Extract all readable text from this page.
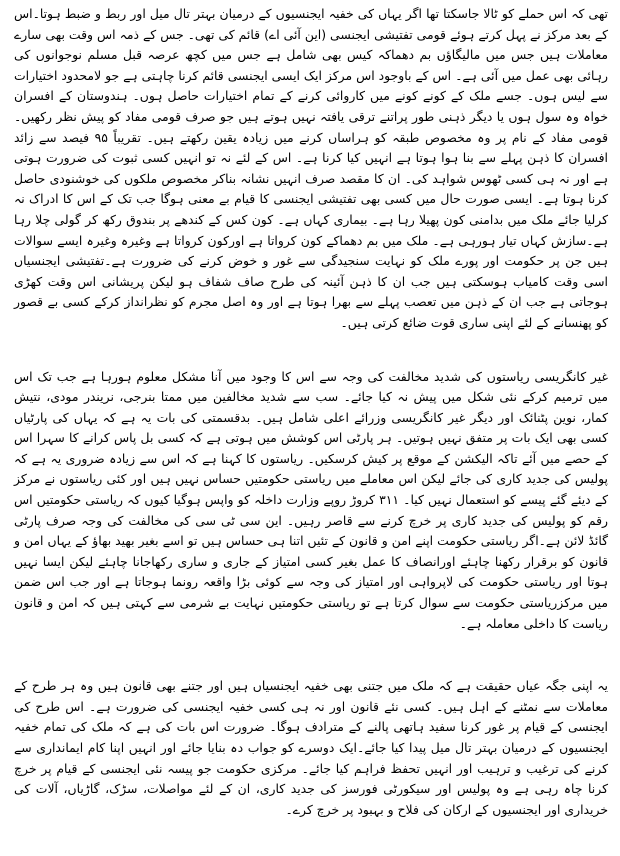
تھی کہ اس حملے کو ٹالا جاسکتا تھا اگر یہاں کی خفیہ ایجنسیوں کے درمیان بہتر تال میل اور ربط و ضبط ہوتا۔اس کے بعد مرکز نے پہل کرتے ہوئے قومی تفتیشی ایجنسی (این آئی اے) قائم کی تھی۔ جس کے ذمہ اس وقت بھی سارے معاملات ہیں جس میں مالیگاؤں بم دھماکہ کیس بھی شامل ہے جس میں کچھ عرصہ قبل مسلم نوجوانوں کی رہائی بھی عمل میں آئی ہے۔ اس کے باوجود اس مرکز ایک ایسی ایجنسی قائم کرنا چاہتی ہے جو لامحدود اختیارات سے لیس ہوں۔ جسے ملک کے کونے کونے میں کاروائی کرنے کے تمام اختیارات حاصل ہوں۔ ہندوستان کے افسران خواہ وہ سول ہوں یا دیگر ذہنی طور پراتنے ترقی یافتہ نہیں ہوتے ہیں جو صرف قومی مفاد کو پیش نظر رکھیں۔ قومی مفاد کے نام پر وہ مخصوص طبقہ کو ہراساں کرنے میں زیادہ یقین رکھتے ہیں۔ تقریباً ۹۵ فیصد سے زائد افسران کا ذہن پہلے سے بنا ہوا ہوتا ہے انہیں کیا کرنا ہے۔ اس کے لئے نہ تو انہیں کسی ثبوت کی ضرورت ہوتی ہے اور نہ ہی کسی ٹھوس شواہد کی۔ ان کا مقصد صرف انہیں نشانہ بناکر مخصوص ملکوں کی خوشنودی حاصل کرنا ہوتا ہے۔ ایسی صورت حال میں کسی بھی تفتیشی ایجنسی کا قیام بے معنی ہوگا جب تک کے اس کا ادراک نہ کرلیا جائے ملک میں بدامنی کون پھیلا رہا ہے۔ بیماری کہاں ہے۔ کون کس کے کندھے پر بندوق رکھ کر گولی چلا رہا ہے۔سازش کہاں تیار ہورہی ہے۔ ملک میں بم دھماکے کون کرواتا ہے اورکون کرواتا ہے وغیرہ وغیرہ ایسے سوالات ہیں جن پر حکومت اور پورے ملک کو نہایت سنجیدگی سے غور و خوض کرنے کی ضرورت ہے۔تفتیشی ایجنسیاں اسی وقت کامیاب ہوسکتی ہیں جب ان کا ذہن آئینہ کی طرح صاف شفاف ہو لیکن پریشانی اس وقت کھڑی ہوجاتی ہے جب ان کے ذہن میں تعصب پہلے سے بھرا ہوتا ہے اور وہ اصل مجرم کو نظرانداز کرکے کسی بے قصور کو پھنسانے کے لئے اپنی ساری قوت ضائع کرتی ہیں۔

غیر کانگریسی ریاستوں کی شدید مخالفت کی وجہ سے اس کا وجود میں آنا مشکل معلوم ہورہا ہے جب تک اس میں ترمیم کرکے نئی شکل میں پیش نہ کیا جائے۔ سب سے شدید مخالفین میں ممتا بنرجی، نریندر مودی، نتیش کمار، نوین پٹنائک اور دیگر غیر کانگریسی وزرائے اعلی شامل ہیں۔ بدقسمتی کی بات یہ ہے کہ یہاں کی پارٹیاں کسی بھی ایک بات پر متفق نہیں ہوتیں۔ ہر پارٹی اس کوشش میں ہوتی ہے کہ کسی بل پاس کرانے کا سہرا اس کے حصے میں آئے تاکہ الیکشن کے موقع پر کیش کرسکیں۔ ریاستوں کا کہنا ہے کہ اس سے زیادہ ضروری یہ ہے کہ پولیس کی جدید کاری کی جائے لیکن اس معاملے میں ریاستی حکومتیں حساس نہیں ہیں اور کئی ریاستوں نے مرکز کے دیئے گئے پیسے کو استعمال نہیں کیا۔ ۳۱۱ کروڑ روپے وزارت داخلہ کو واپس ہوگیا کیوں کہ ریاستی حکومتیں اس رقم کو پولیس کی جدید کاری پر خرچ کرنے سے قاصر رہیں۔ این سی ٹی سی کی مخالفت کی وجہ صرف پارٹی گائڈ لائن ہے۔اگر ریاستی حکومت اپنے امن و قانون کے تئیں اتنا ہی حساس ہیں تو اسے بغیر بھید بھاؤ کے یہاں امن و قانون کو برقرار رکھنا چاہئے اورانصاف کا عمل بغیر کسی امتیاز کے جاری و ساری رکھاجانا چاہئے لیکن ایسا نہیں ہوتا اور ریاستی حکومت کی لاپرواہی اور امتیاز کی وجہ سے کوئی بڑا واقعہ رونما ہوجاتا ہے اور جب اس ضمن میں مرکزریاستی حکومت سے سوال کرتا ہے تو ریاستی حکومتیں نہایت بے شرمی سے کہتی ہیں کہ امن و قانون ریاست کا داخلی معاملہ ہے۔

یہ اپنی جگہ عیاں حقیقت ہے کہ ملک میں جتنی بھی خفیہ ایجنسیاں ہیں اور جتنے بھی قانون ہیں وہ ہر طرح کے معاملات سے نمٹنے کے اہل ہیں۔ کسی نئے قانون اور نہ ہی کسی خفیہ ایجنسی کی ضرورت ہے۔ اس طرح کی ایجنسی کے قیام پر غور کرنا سفید ہاتھی پالنے کے مترادف ہوگا۔ ضرورت اس بات کی ہے کہ ملک کی تمام خفیہ ایجنسیوں کے درمیان بہتر تال میل پیدا کیا جائے۔ایک دوسرے کو جواب دہ بنایا جائے اور انہیں اپنا کام ایمانداری سے کرنے کی ترغیب و ترہیب اور انہیں تحفظ فراہم کیا جائے۔ مرکزی حکومت جو پیسہ نئی ایجنسی کے قیام پر خرچ کرنا چاہ رہی ہے وہ پولیس اور سیکورٹی فورسز کی جدید کاری، ان کے لئے مواصلات، سڑک، گاڑیاں، آلات کی خریداری اور ایجنسیوں کے ارکان کی فلاح و بہبود پر خرچ کرے۔
